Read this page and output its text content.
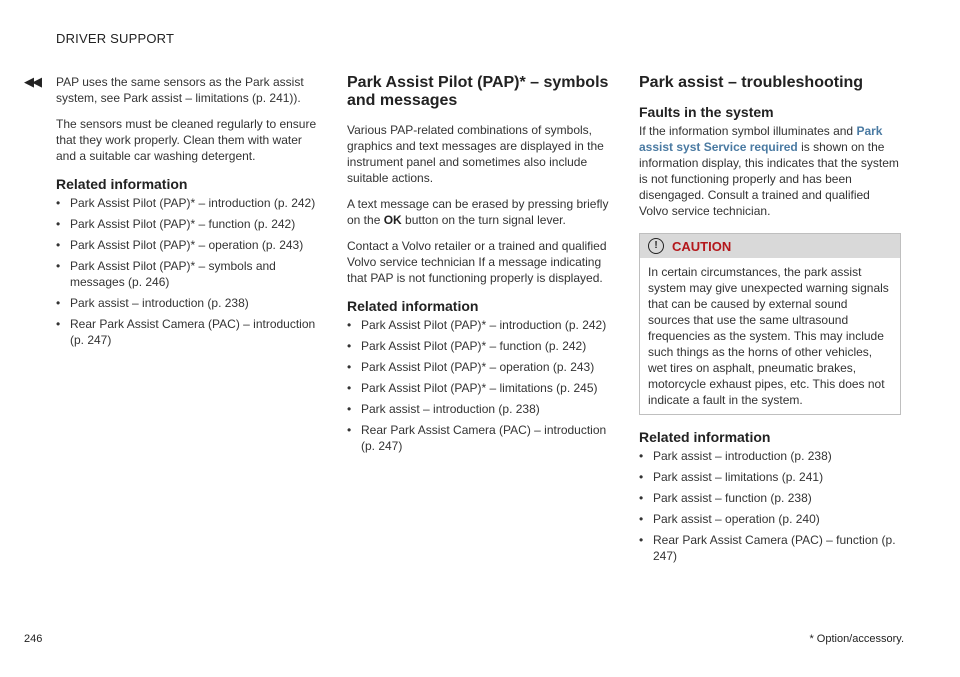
DRIVER SUPPORT
◀◀ PAP uses the same sensors as the Park assist system, see Park assist – limitations (p. 241)).

The sensors must be cleaned regularly to ensure that they work properly. Clean them with water and a suitable car washing detergent.

Related information
• Park Assist Pilot (PAP)* – introduction (p. 242)
• Park Assist Pilot (PAP)* – function (p. 242)
• Park Assist Pilot (PAP)* – operation (p. 243)
• Park Assist Pilot (PAP)* – symbols and messages (p. 246)
• Park assist – introduction (p. 238)
• Rear Park Assist Camera (PAC) – introduction (p. 247)
Park Assist Pilot (PAP)* – symbols and messages

Various PAP-related combinations of symbols, graphics and text messages are displayed in the instrument panel and sometimes also include suitable actions.

A text message can be erased by pressing briefly on the OK button on the turn signal lever.

Contact a Volvo retailer or a trained and qualified Volvo service technician If a message indicating that PAP is not functioning properly is displayed.

Related information
• Park Assist Pilot (PAP)* – introduction (p. 242)
• Park Assist Pilot (PAP)* – function (p. 242)
• Park Assist Pilot (PAP)* – operation (p. 243)
• Park Assist Pilot (PAP)* – limitations (p. 245)
• Park assist – introduction (p. 238)
• Rear Park Assist Camera (PAC) – introduction (p. 247)
Park assist – troubleshooting
Faults in the system

If the information symbol illuminates and Park assist syst Service required is shown on the information display, this indicates that the system is not functioning properly and has been disengaged. Consult a trained and qualified Volvo service technician.

!	CAUTION
In certain circumstances, the park assist system may give unexpected warning signals that can be caused by external sound sources that use the same ultrasound frequencies as the system. This may include such things as the horns of other vehicles, wet tires on asphalt, pneumatic brakes, motorcycle exhaust pipes, etc. This does not indicate a fault in the system.
Related information
• Park assist – introduction (p. 238)
• Park assist – limitations (p. 241)
• Park assist – function (p. 238)
• Park assist – operation (p. 240)
• Rear Park Assist Camera (PAC) – function (p. 247)
246	* Option/accessory.
